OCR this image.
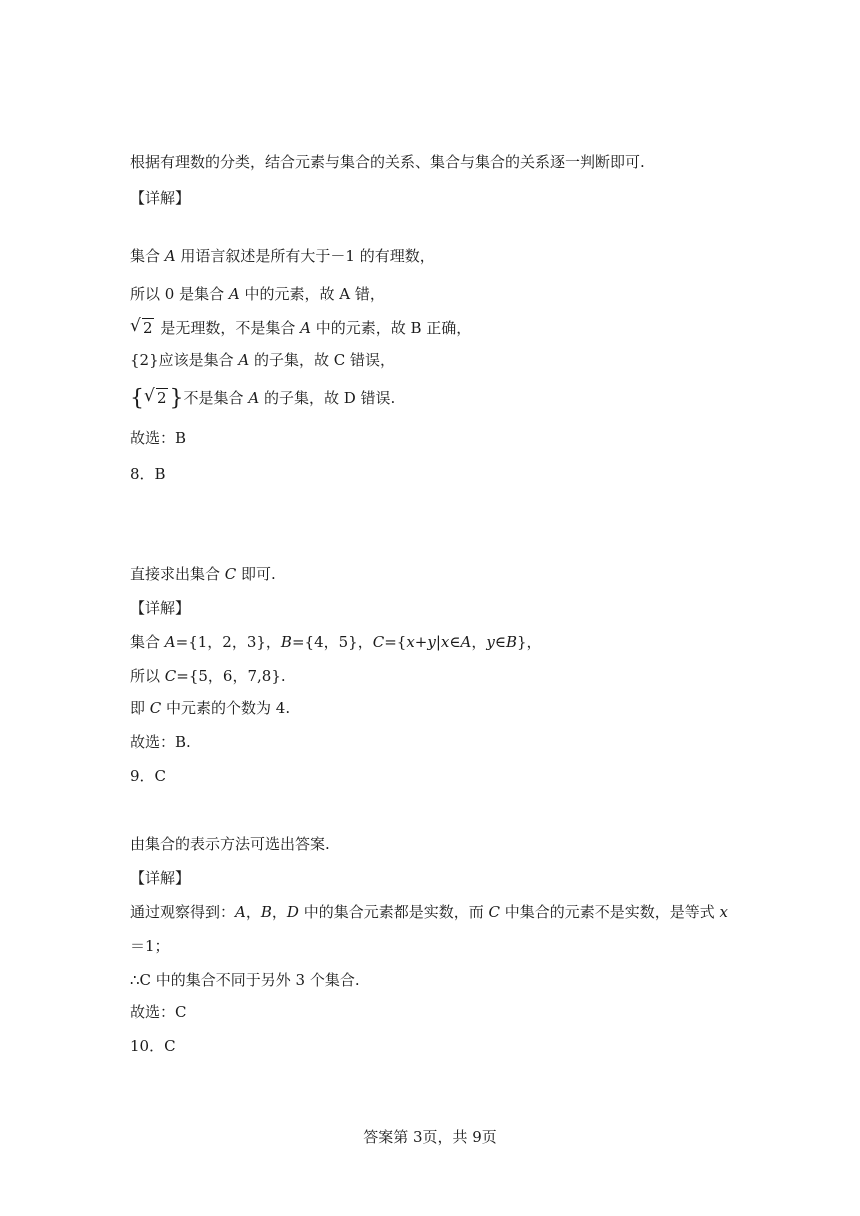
根据有理数的分类，结合元素与集合的关系、集合与集合的关系逐一判断即可.
【详解】
集合 A 用语言叙述是所有大于－1 的有理数，
所以 0 是集合 A 中的元素，故 A 错，
√ 2 是无理数，不是集合 A 中的元素，故 B 正确，
{2}应该是集合 A 的子集，故 C 错误，
{ √ 2 }不是集合 A 的子集，故 D 错误.
故选：B
8．B
直接求出集合 C 即可.
【详解】
集合 A={1，2，3}，B={4，5}，C={x+y|x∈A，y∈B}，
所以 C={5，6，7,8}.
即 C 中元素的个数为 4.
故选：B.
9．C
由集合的表示方法可选出答案.
【详解】
通过观察得到：A，B，D 中的集合元素都是实数，而 C 中集合的元素不是实数，是等式 x
＝1；
∴C 中的集合不同于另外 3 个集合.
故选：C
10．C
答案第 3页，共 9页
